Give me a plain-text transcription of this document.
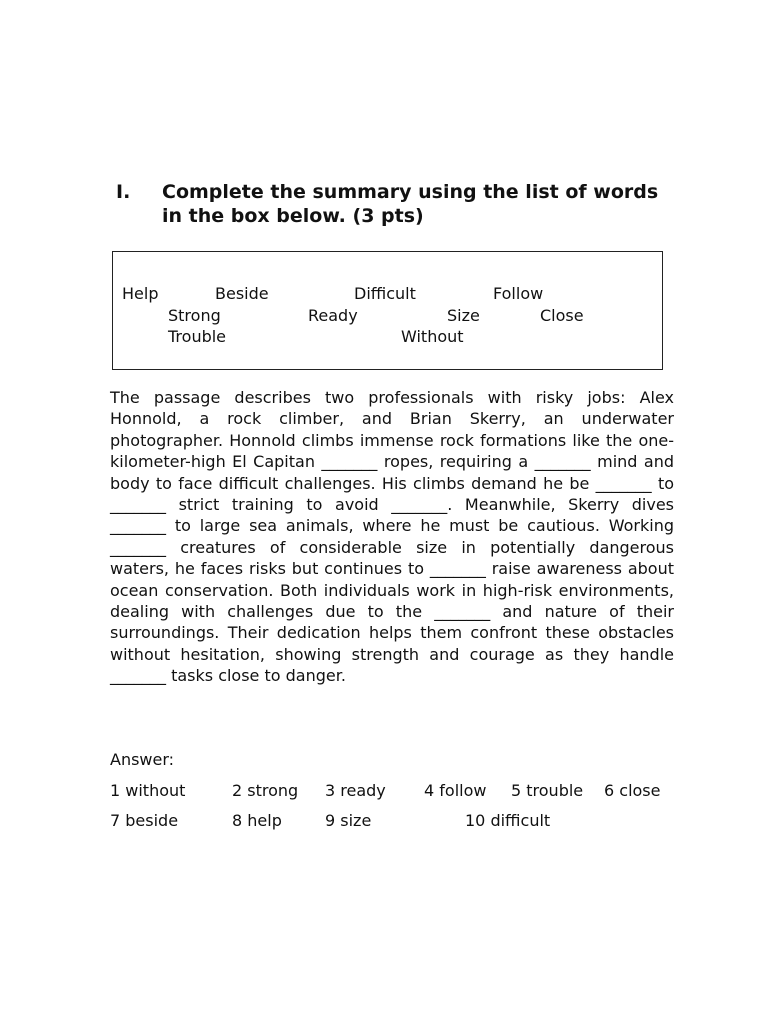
I. Complete the summary using the list of words in the box below. (3 pts)
Help	Beside	Difficult	Follow
Strong	Ready	Size	Close
Trouble	Without
The passage describes two professionals with risky jobs: Alex Honnold, a rock climber, and Brian Skerry, an underwater photographer. Honnold climbs immense rock formations like the one-kilometer-high El Capitan _______ ropes, requiring a _______ mind and body to face difficult challenges. His climbs demand he be _______ to _______ strict training to avoid _______. Meanwhile, Skerry dives _______ to large sea animals, where he must be cautious. Working _______ creatures of considerable size in potentially dangerous waters, he faces risks but continues to _______ raise awareness about ocean conservation. Both individuals work in high-risk environments, dealing with challenges due to the _______ and nature of their surroundings. Their dedication helps them confront these obstacles without hesitation, showing strength and courage as they handle _______ tasks close to danger.
Answer:
1 without	2 strong 3 ready 4 follow 5 trouble 6 close
7 beside	8 help	9 size	10 difficult
